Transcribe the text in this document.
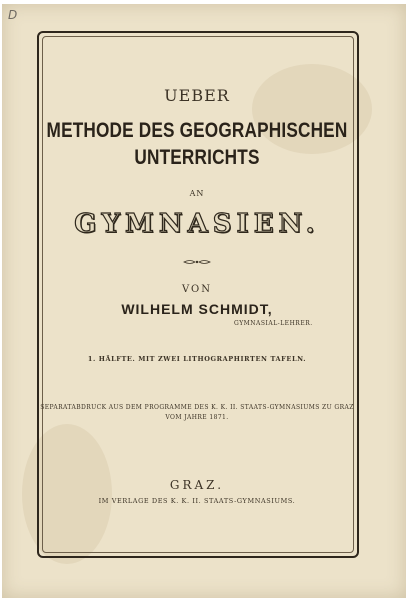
D
UEBER
METHODE DES GEOGRAPHISCHEN
UNTERRICHTS
AN
GYMNASIEN.
VON
WILHELM SCHMIDT,
GYMNASIAL-LEHRER.
1. HÄLFTE. MIT ZWEI LITHOGRAPHIRTEN TAFELN.
SEPARATABDRUCK AUS DEM PROGRAMME DES K. K. II. STAATS-GYMNASIUMS ZU GRAZ
VOM JAHRE 1871.
GRAZ.
IM VERLAGE DES K. K. II. STAATS-GYMNASIUMS.
